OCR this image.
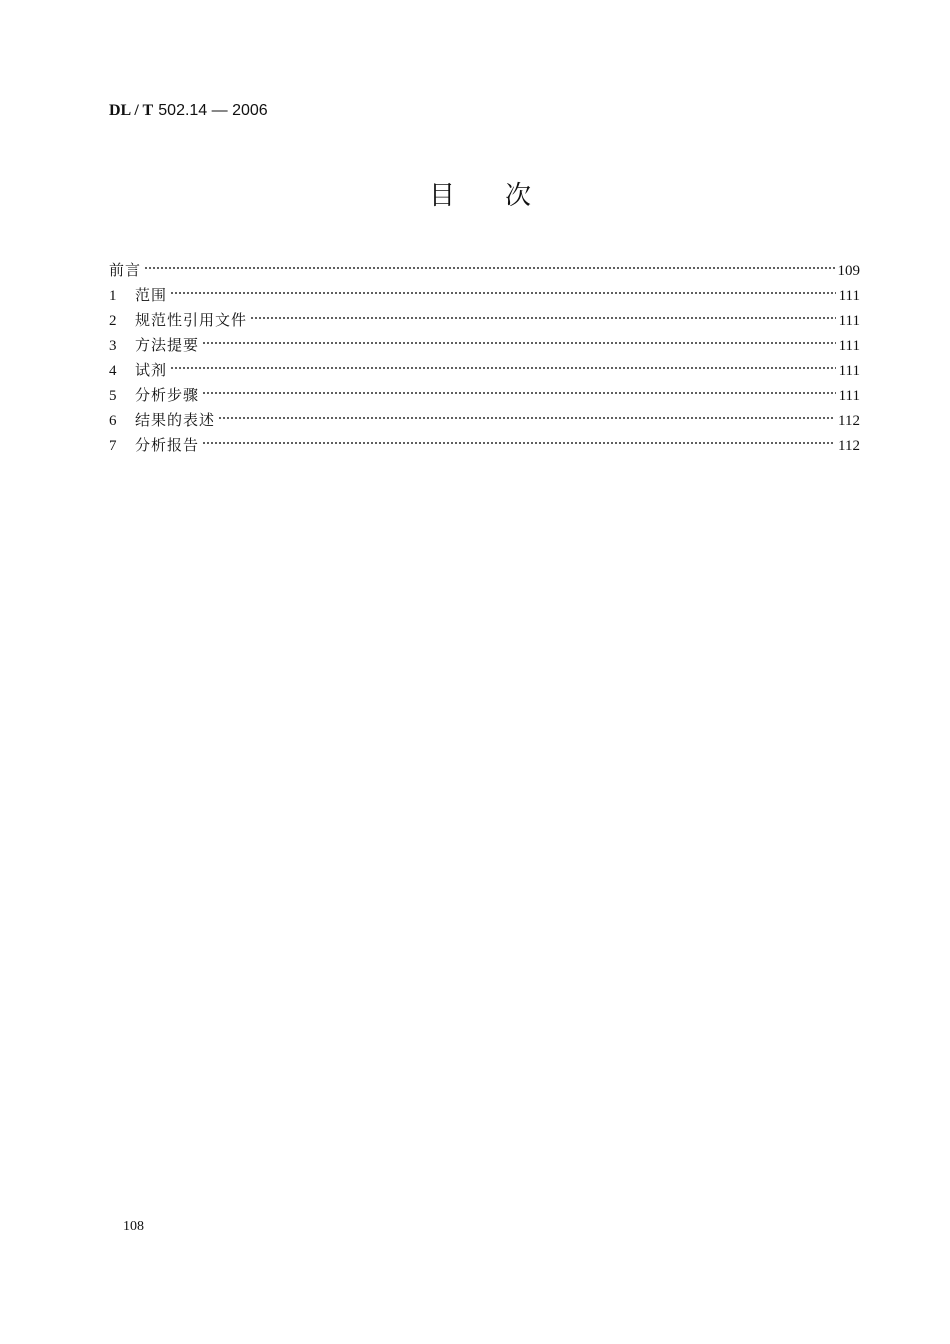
DL / T 502.14 — 2006
目 次
前言	109
1	范围	111
2	规范性引用文件	111
3	方法提要	111
4	试剂	111
5	分析步骤	111
6	结果的表述	112
7	分析报告	112
108
